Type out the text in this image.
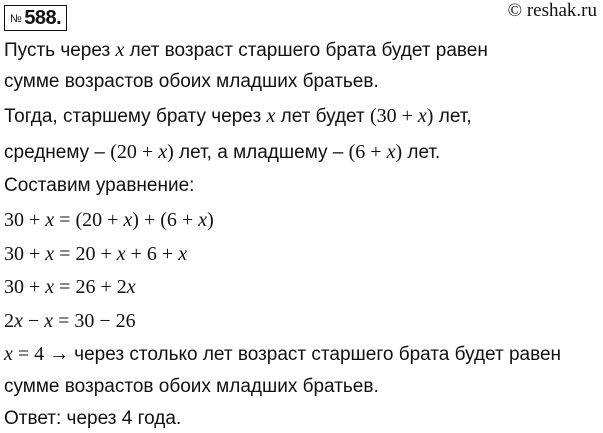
№ 588.	© reshak.ru
Пусть через x лет возраст старшего брата будет равен
сумме возрастов обоих младших братьев.
Тогда, старшему брату через x лет будет (30 + x) лет,
среднему – (20 + x) лет, а младшему – (6 + x) лет.
Составим уравнение:
30 + x = (20 + x) + (6 + x)
30 + x = 20 + x + 6 + x
30 + x = 26 + 2x
2x − x = 30 − 26
x = 4 → через столько лет возраст старшего брата будет равен
сумме возрастов обоих младших братьев.
Ответ: через 4 года.
